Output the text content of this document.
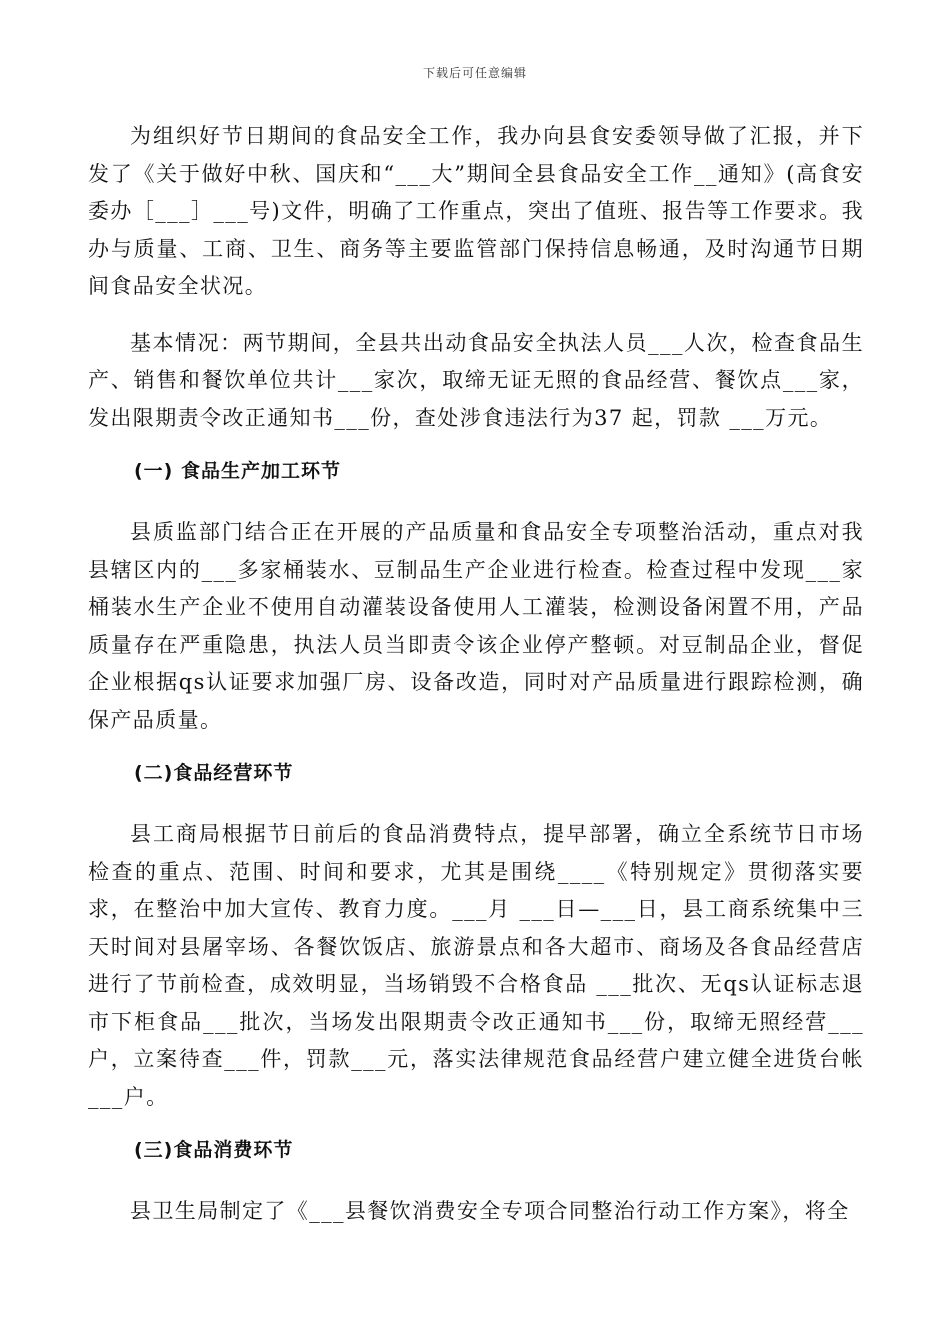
下载后可任意编辑

为组织好节日期间的食品安全工作，我办向县食安委领导做了汇报，并下发了《关于做好中秋、国庆和“___大”期间全县食品安全工作__通知》(高食安委办［___］___号)文件，明确了工作重点，突出了值班、报告等工作要求。我办与质量、工商、卫生、商务等主要监管部门保持信息畅通，及时沟通节日期间食品安全状况。

基本情况：两节期间，全县共出动食品安全执法人员___人次，检查食品生产、销售和餐饮单位共计___家次，取缔无证无照的食品经营、餐饮点___家，发出限期责令改正通知书___份，查处涉食违法行为37 起，罚款 ___万元。

(一) 食品生产加工环节

县质监部门结合正在开展的产品质量和食品安全专项整治活动，重点对我县辖区内的___多家桶装水、豆制品生产企业进行检查。检查过程中发现___家桶装水生产企业不使用自动灌装设备使用人工灌装，检测设备闲置不用，产品质量存在严重隐患，执法人员当即责令该企业停产整顿。对豆制品企业，督促企业根据qs认证要求加强厂房、设备改造，同时对产品质量进行跟踪检测，确保产品质量。

(二)食品经营环节

县工商局根据节日前后的食品消费特点，提早部署，确立全系统节日市场检查的重点、范围、时间和要求，尤其是围绕____《特别规定》贯彻落实要求，在整治中加大宣传、教育力度。___月 ___日—___日，县工商系统集中三天时间对县屠宰场、各餐饮饭店、旅游景点和各大超市、商场及各食品经营店进行了节前检查，成效明显，当场销毁不合格食品 ___批次、无qs认证标志退市下柜食品___批次，当场发出限期责令改正通知书___份，取缔无照经营___户，立案待查___件，罚款___元，落实法律规范食品经营户建立健全进货台帐___户。

(三)食品消费环节

县卫生局制定了《___县餐饮消费安全专项合同整治行动工作方案》，将全
